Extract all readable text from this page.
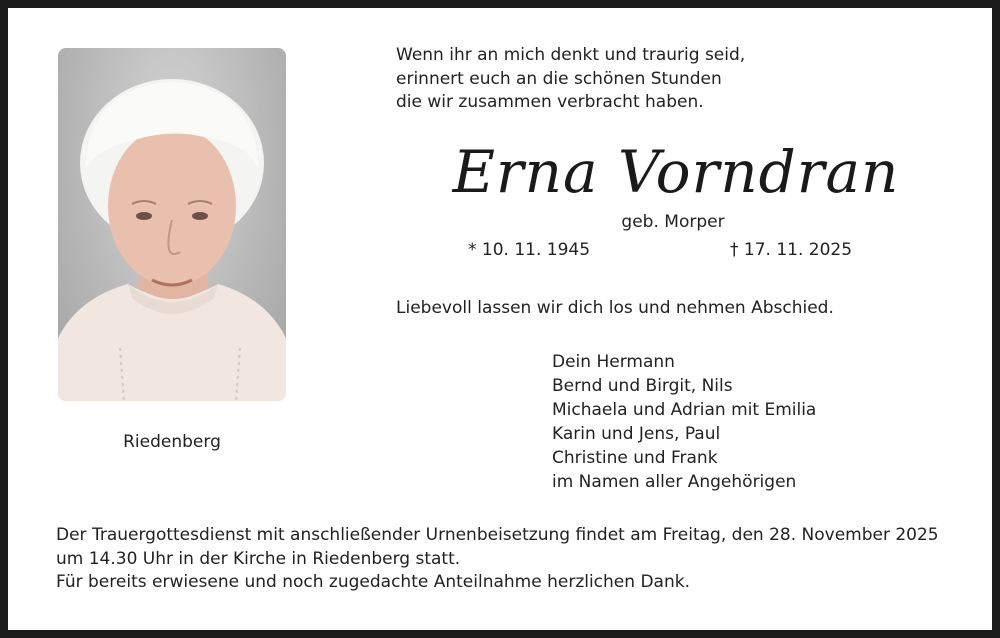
Riedenberg
Wenn ihr an mich denkt und traurig seid,
erinnert euch an die schönen Stunden
die wir zusammen verbracht haben.
Erna Vorndran
geb. Morper
* 10. 11. 1945	† 17. 11. 2025
Liebevoll lassen wir dich los und nehmen Abschied.
Dein Hermann
Bernd und Birgit, Nils
Michaela und Adrian mit Emilia
Karin und Jens, Paul
Christine und Frank
im Namen aller Angehörigen
Der Trauergottesdienst mit anschließender Urnenbeisetzung findet am Freitag, den 28. November 2025
um 14.30 Uhr in der Kirche in Riedenberg statt.
Für bereits erwiesene und noch zugedachte Anteilnahme herzlichen Dank.
